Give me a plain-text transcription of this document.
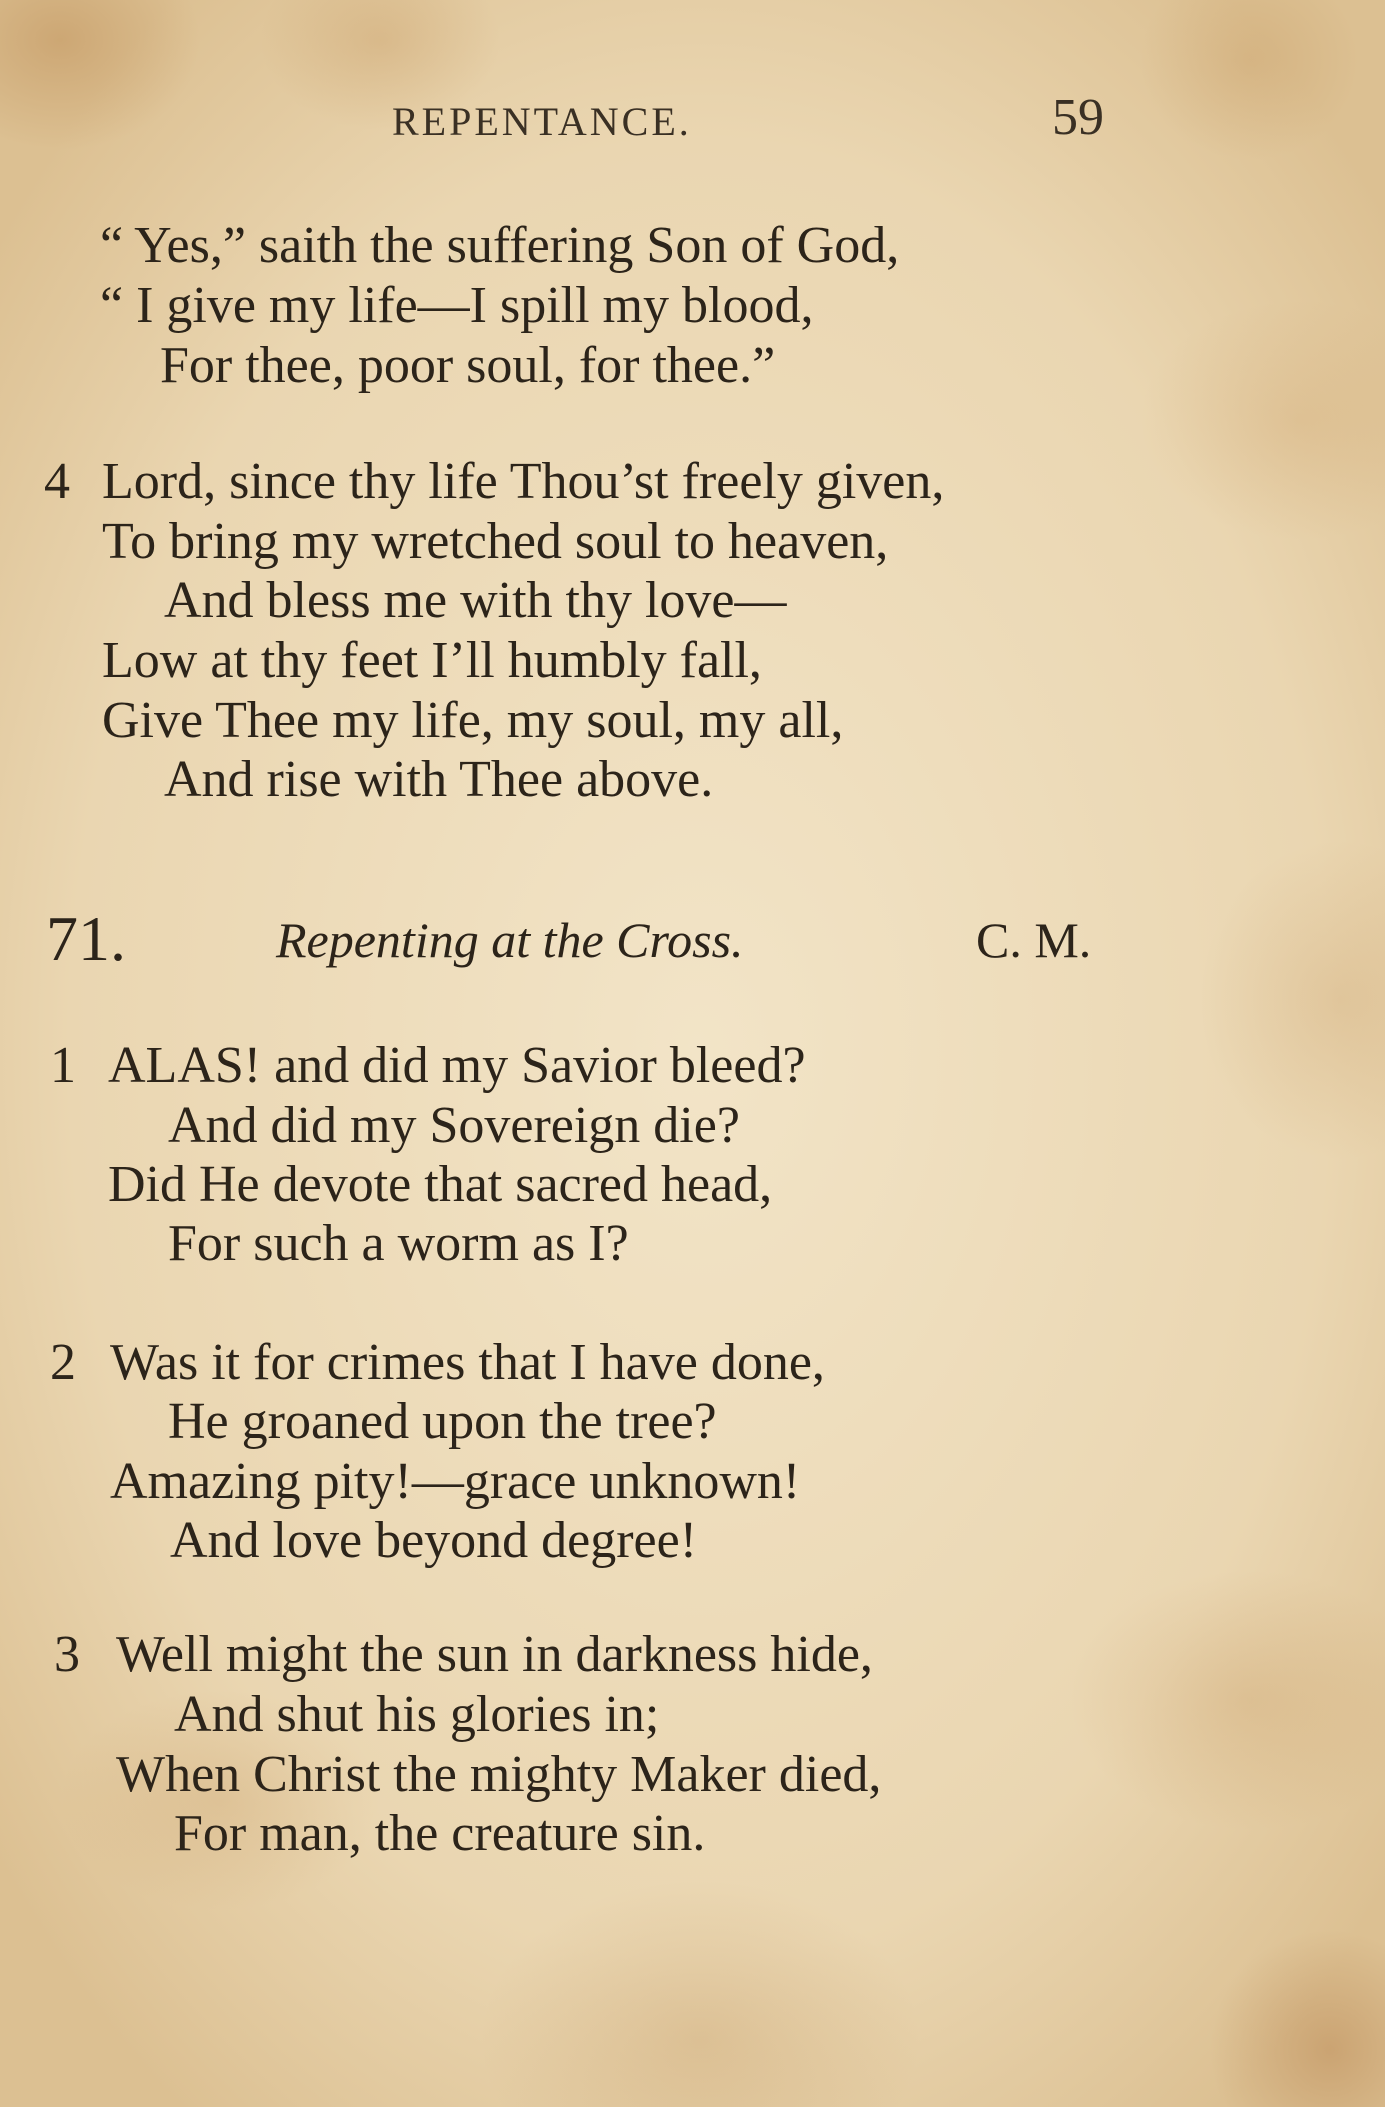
REPENTANCE.	59
“ Yes,” saith the suffering Son of God,
“ I give my life—I spill my blood,
For thee, poor soul, for thee.”
4 Lord, since thy life Thou’st freely given,
To bring my wretched soul to heaven,
And bless me with thy love—
Low at thy feet I’ll humbly fall,
Give Thee my life, my soul, my all,
And rise with Thee above.
71.	Repenting at the Cross.	C. M.
1 ALAS! and did my Savior bleed?
And did my Sovereign die?
Did He devote that sacred head,
For such a worm as I?
2 Was it for crimes that I have done,
He groaned upon the tree?
Amazing pity!—grace unknown!
And love beyond degree!
3 Well might the sun in darkness hide,
And shut his glories in;
When Christ the mighty Maker died,
For man, the creature sin.
